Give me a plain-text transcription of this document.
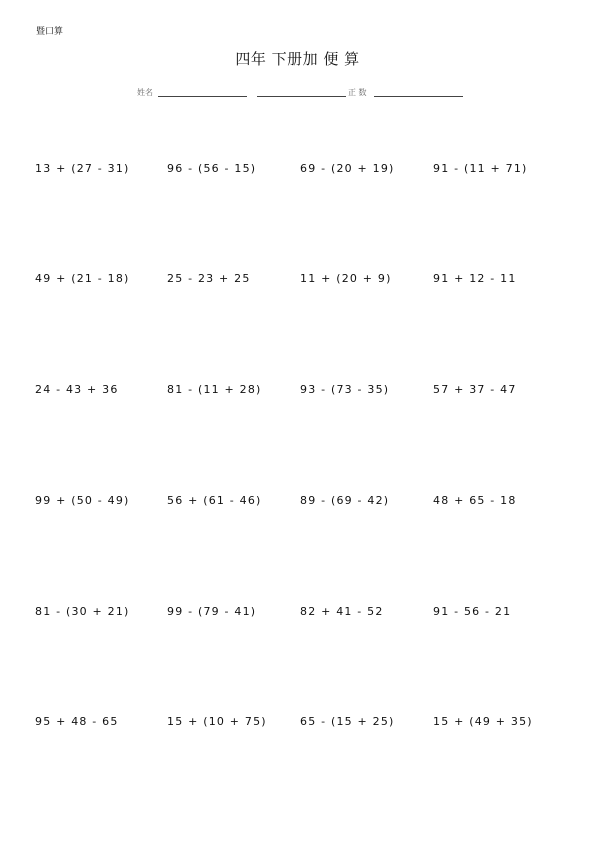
暨口算
四年 下册加 便 算
姓名	正 数
13 + (27 - 31)	96 - (56 - 15)	69 - (20 + 19)	91 - (11 + 71)
49 + (21 - 18)	25 - 23 + 25	11 + (20 + 9)	91 + 12 - 11
24 - 43 + 36	81 - (11 + 28)	93 - (73 - 35)	57 + 37 - 47
99 + (50 - 49)	56 + (61 - 46)	89 - (69 - 42)	48 + 65 - 18
81 - (30 + 21)	99 - (79 - 41)	82 + 41 - 52	91 - 56 - 21
95 + 48 - 65	15 + (10 + 75)	65 - (15 + 25)	15 + (49 + 35)
